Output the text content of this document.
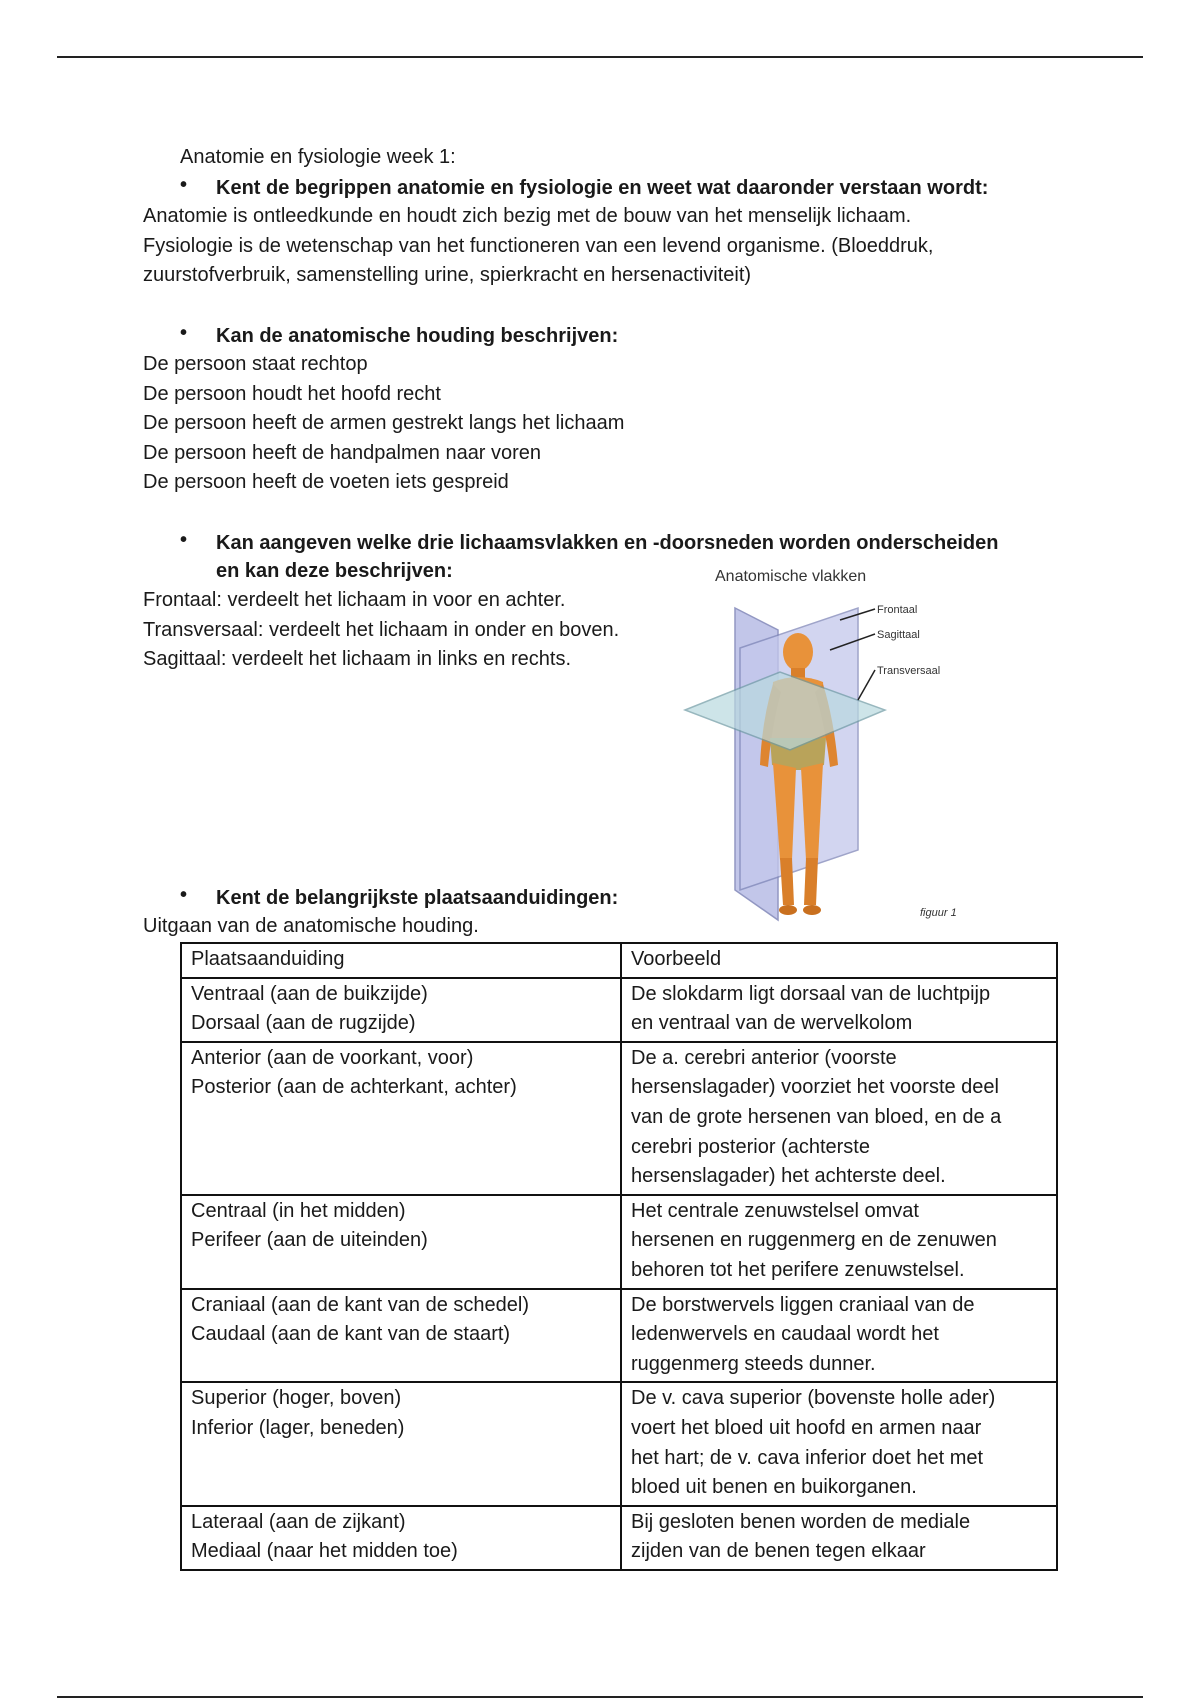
Anatomie en fysiologie week 1:
•	Kent de begrippen anatomie en fysiologie en weet wat daaronder verstaan wordt:
Anatomie is ontleedkunde en houdt zich bezig met de bouw van het menselijk lichaam.
Fysiologie is de wetenschap van het functioneren van een levend organisme. (Bloeddruk,
zuurstofverbruik, samenstelling urine, spierkracht en hersenactiviteit)
•	Kan de anatomische houding beschrijven:
De persoon staat rechtop
De persoon houdt het hoofd recht
De persoon heeft de armen gestrekt langs het lichaam
De persoon heeft de handpalmen naar voren
De persoon heeft de voeten iets gespreid
•	Kan aangeven welke drie lichaamsvlakken en -doorsneden worden onderscheiden
en kan deze beschrijven:
Frontaal: verdeelt het lichaam in voor en achter.
Transversaal: verdeelt het lichaam in onder en boven.
Sagittaal: verdeelt het lichaam in links en rechts.
Anatomische vlakken
Frontaal
Sagittaal
Transversaal
figuur 1
•	Kent de belangrijkste plaatsaanduidingen:
Uitgaan van de anatomische houding.
Plaatsaanduiding	Voorbeeld

Ventraal (aan de buikzijde)
Dorsaal (aan de rugzijde)	De slokdarm ligt dorsaal van de luchtpijp
en ventraal van de wervelkolom

Anterior (aan de voorkant, voor)
Posterior (aan de achterkant, achter)	De a. cerebri anterior (voorste
hersenslagader) voorziet het voorste deel
van de grote hersenen van bloed, en de a
cerebri posterior (achterste
hersenslagader) het achterste deel.

Centraal (in het midden)
Perifeer (aan de uiteinden)	Het centrale zenuwstelsel omvat
hersenen en ruggenmerg en de zenuwen
behoren tot het perifere zenuwstelsel.

Craniaal (aan de kant van de schedel)
Caudaal (aan de kant van de staart)	De borstwervels liggen craniaal van de
ledenwervels en caudaal wordt het
ruggenmerg steeds dunner.

Superior (hoger, boven)
Inferior (lager, beneden)	De v. cava superior (bovenste holle ader)
voert het bloed uit hoofd en armen naar
het hart; de v. cava inferior doet het met
bloed uit benen en buikorganen.

Lateraal (aan de zijkant)
Mediaal (naar het midden toe)	Bij gesloten benen worden de mediale
zijden van de benen tegen elkaar
